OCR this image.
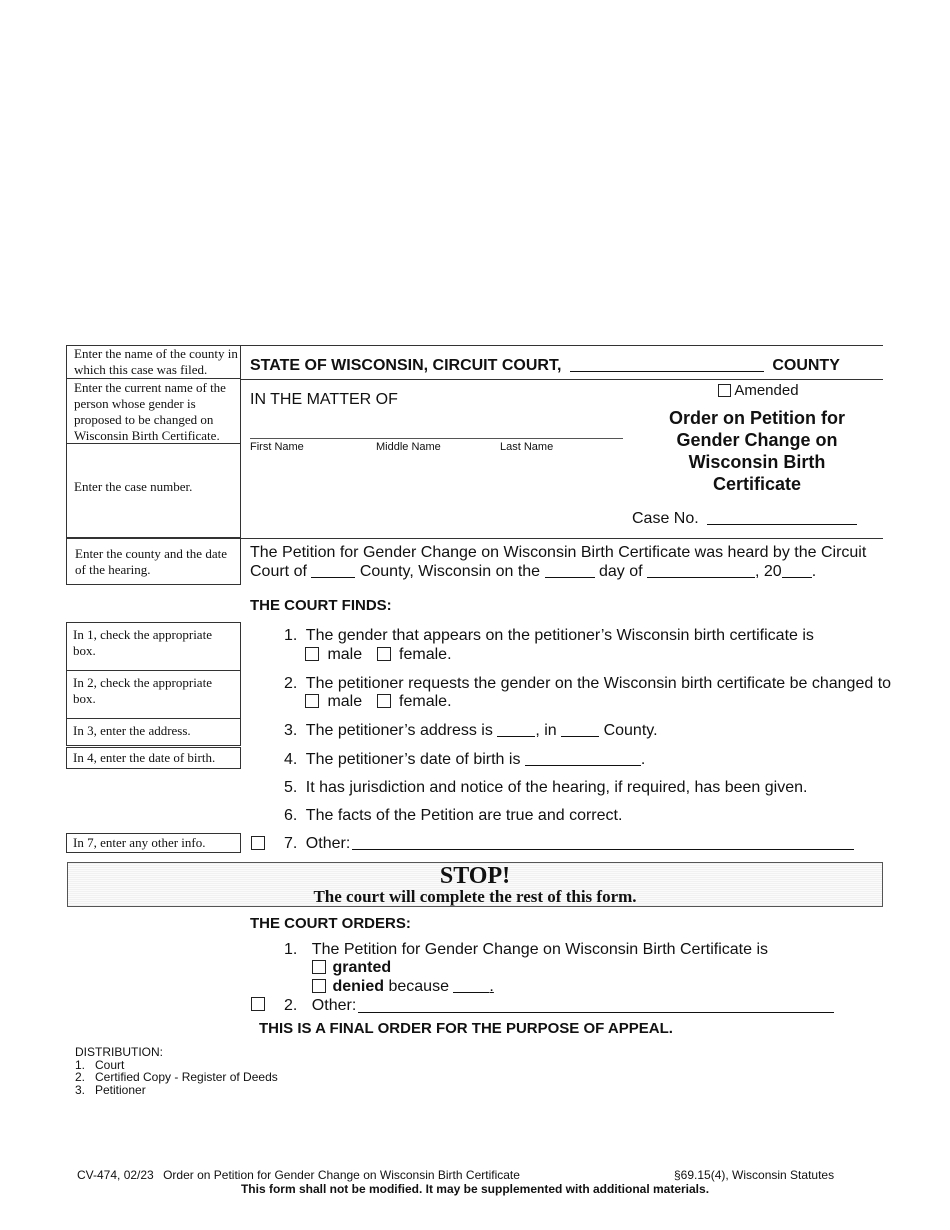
Enter the name of the county in which this case was filed.
Enter the current name of the person whose gender is proposed to be changed on Wisconsin Birth Certificate.
Enter the case number.
STATE OF WISCONSIN, CIRCUIT COURT,	COUNTY
Amended
IN THE MATTER OF
First Name	Middle Name	Last Name
Order on Petition for
Gender Change on
Wisconsin Birth
Certificate
Case No.
Enter the county and the date of the hearing.
The Petition for Gender Change on Wisconsin Birth Certificate was heard by the Circuit
Court of	County, Wisconsin on the	day of	, 20 .
THE COURT FINDS:
In 1, check the appropriate box.
In 2, check the appropriate box.
In 3, enter the address.
In 4, enter the date of birth.
In 7, enter any other info.
1. The gender that appears on the petitioner’s Wisconsin birth certificate is
male female.
2. The petitioner requests the gender on the Wisconsin birth certificate be changed to
male female.
3. The petitioner’s address is	, in	County.
4. The petitioner’s date of birth is	.
5. It has jurisdiction and notice of the hearing, if required, has been given.
6. The facts of the Petition are true and correct.
7. Other:
STOP!
The court will complete the rest of this form.
THE COURT ORDERS:
1. The Petition for Gender Change on Wisconsin Birth Certificate is
granted
denied because	.
2. Other:
THIS IS A FINAL ORDER FOR THE PURPOSE OF APPEAL.
DISTRIBUTION:
1. Court
2. Certified Copy - Register of Deeds
3. Petitioner
CV-474, 02/23 Order on Petition for Gender Change on Wisconsin Birth Certificate	§69.15(4), Wisconsin Statutes
This form shall not be modified. It may be supplemented with additional materials.
